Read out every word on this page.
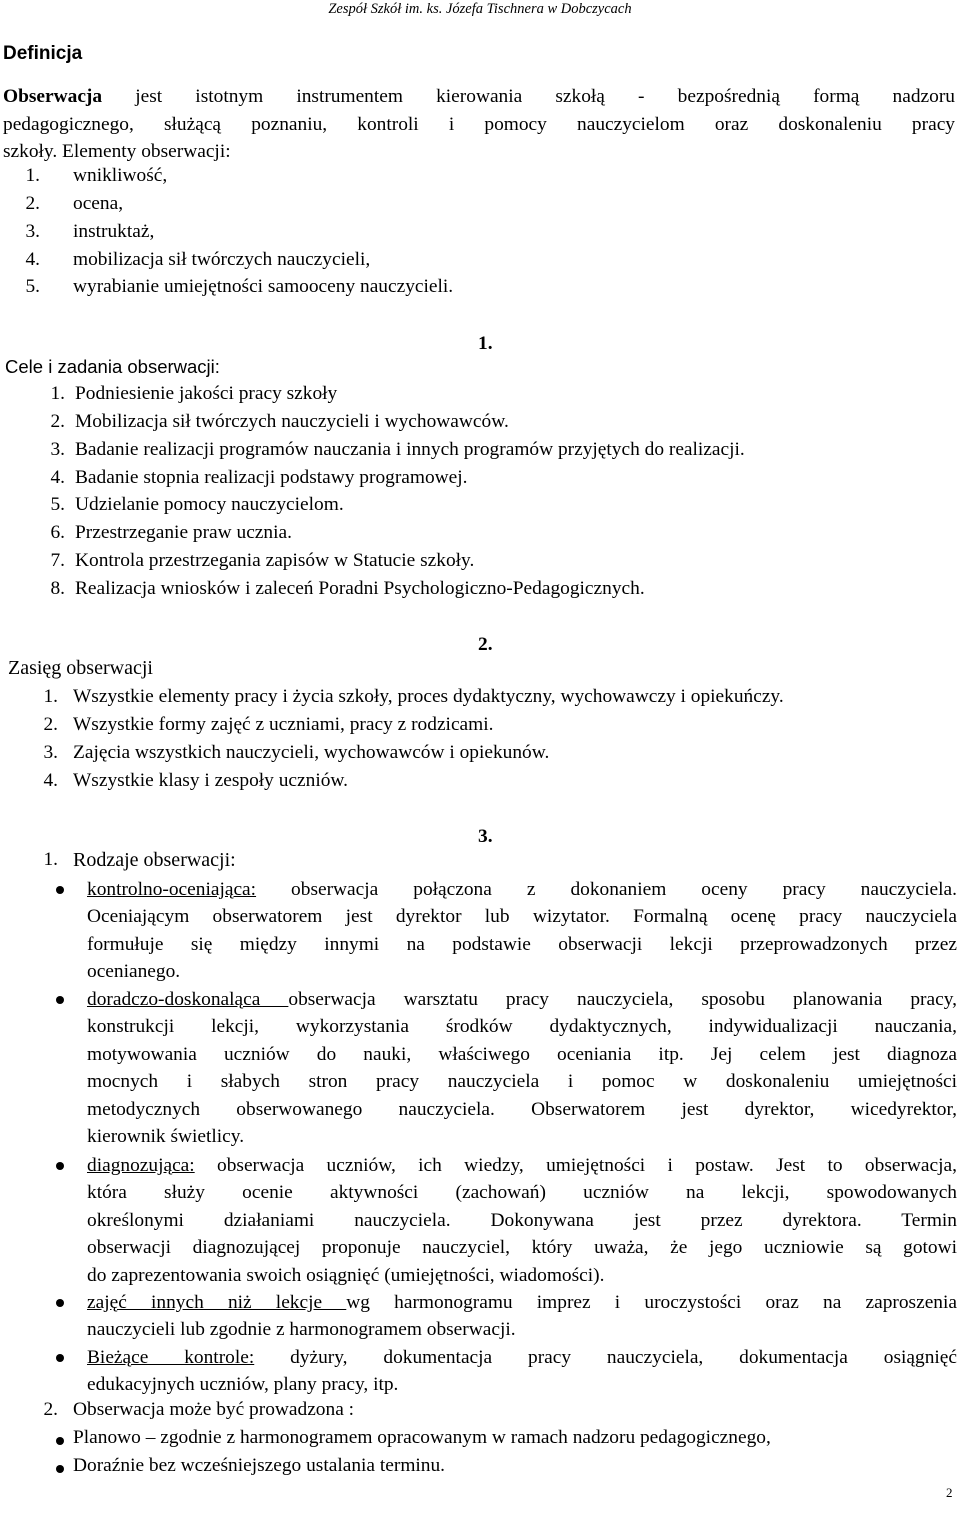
Zespół Szkół im. ks. Józefa Tischnera w Dobczycach
Definicja
Obserwacja jest istotnym instrumentem kierowania szkołą - bezpośrednią formą nadzoru
pedagogicznego, służącą poznaniu, kontroli i pomocy nauczycielom oraz doskonaleniu pracy
szkoły. Elementy obserwacji:
1. wnikliwość,
2. ocena,
3. instruktaż,
4. mobilizacja sił twórczych nauczycieli,
5. wyrabianie umiejętności samooceny nauczycieli.
1.
Cele i zadania obserwacji:
1. Podniesienie jakości pracy szkoły
2. Mobilizacja sił twórczych nauczycieli i wychowawców.
3. Badanie realizacji programów nauczania i innych programów przyjętych do realizacji.
4. Badanie stopnia realizacji podstawy programowej.
5. Udzielanie pomocy nauczycielom.
6. Przestrzeganie praw ucznia.
7. Kontrola przestrzegania zapisów w Statucie szkoły.
8. Realizacja wniosków i zaleceń Poradni Psychologiczno-Pedagogicznych.
2.
Zasięg obserwacji
1. Wszystkie elementy pracy i życia szkoły, proces dydaktyczny, wychowawczy i opiekuńczy.
2. Wszystkie formy zajęć z uczniami, pracy z rodzicami.
3. Zajęcia wszystkich nauczycieli, wychowawców i opiekunów.
4. Wszystkie klasy i zespoły uczniów.
3.
1. Rodzaje obserwacji:
kontrolno-oceniająca: obserwacja połączona z dokonaniem oceny pracy nauczyciela.
Oceniającym obserwatorem jest dyrektor lub wizytator. Formalną ocenę pracy nauczyciela
formułuje się między innymi na podstawie obserwacji lekcji przeprowadzonych przez
ocenianego.
doradczo-doskonaląca obserwacja warsztatu pracy nauczyciela, sposobu planowania pracy,
konstrukcji lekcji, wykorzystania środków dydaktycznych, indywidualizacji nauczania,
motywowania uczniów do nauki, właściwego oceniania itp. Jej celem jest diagnoza
mocnych i słabych stron pracy nauczyciela i pomoc w doskonaleniu umiejętności
metodycznych obserwowanego nauczyciela. Obserwatorem jest dyrektor, wicedyrektor,
kierownik świetlicy.
diagnozująca: obserwacja uczniów, ich wiedzy, umiejętności i postaw. Jest to obserwacja,
która służy ocenie aktywności (zachowań) uczniów na lekcji, spowodowanych
określonymi działaniami nauczyciela. Dokonywana jest przez dyrektora. Termin
obserwacji diagnozującej proponuje nauczyciel, który uważa, że jego uczniowie są gotowi
do zaprezentowania swoich osiągnięć (umiejętności, wiadomości).
zajęć innych niż lekcje wg harmonogramu imprez i uroczystości oraz na zaproszenia
nauczycieli lub zgodnie z harmonogramem obserwacji.
Bieżące kontrole: dyżury, dokumentacja pracy nauczyciela, dokumentacja osiągnięć
edukacyjnych uczniów, plany pracy, itp.
2. Obserwacja może być prowadzona :
Planowo – zgodnie z harmonogramem opracowanym w ramach nadzoru pedagogicznego,
Doraźnie bez wcześniejszego ustalania terminu.
2
